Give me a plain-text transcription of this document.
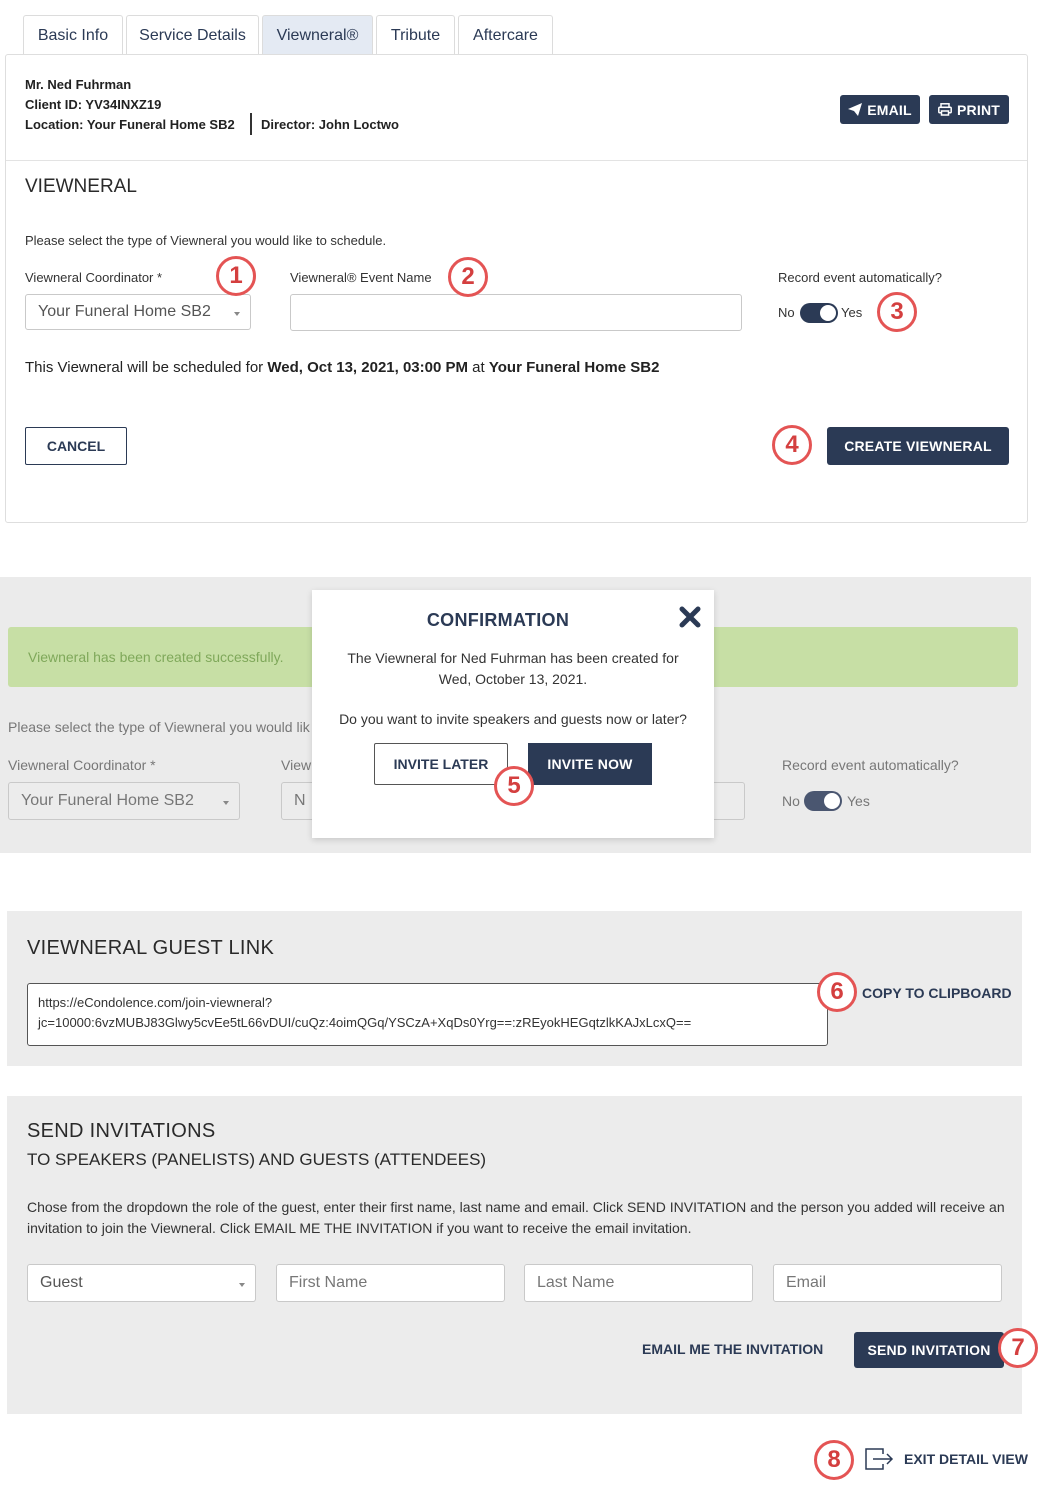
Basic Info Service Details Viewneral® Tribute Aftercare
Mr. Ned Fuhrman
Client ID: YV34INXZ19
Location: Your Funeral Home SB2 Director: John Loctwo
EMAIL	PRINT
VIEWNERAL
Please select the type of Viewneral you would like to schedule.
Viewneral Coordinator *
Your Funeral Home SB2
Viewneral® Event Name	Record event automatically?
No	Yes
This Viewneral will be scheduled for Wed, Oct 13, 2021, 03:00 PM at Your Funeral Home SB2
CANCEL	CREATE VIEWNERAL
1	2
3
4
Viewneral has been created successfully.
Please select the type of Viewneral you would lik
Viewneral Coordinator *
Your Funeral Home SB2
View
N
Record event automatically?
No	Yes
CONFIRMATION
The Viewneral for Ned Fuhrman has been created for Wed, October 13, 2021.
Do you want to invite speakers and guests now or later?
INVITE LATER	INVITE NOW
5
VIEWNERAL GUEST LINK
https://eCondolence.com/join-viewneral?
jc=10000:6vzMUBJ83Glwy5cvEe5tL66vDUI/cuQz:4oimQGq/YSCzA+XqDs0Yrg==:zREyokHEGqtzlkKAJxLcxQ==
COPY TO CLIPBOARD
6
SEND INVITATIONS
TO SPEAKERS (PANELISTS) AND GUESTS (ATTENDEES)
Chose from the dropdown the role of the guest, enter their first name, last name and email. Click SEND INVITATION and the person you added will receive an invitation to join the Viewneral. Click EMAIL ME THE INVITATION if you want to receive the email invitation.
Guest	First Name	Last Name	Email
EMAIL ME THE INVITATION	SEND INVITATION 7
8	EXIT DETAIL VIEW
